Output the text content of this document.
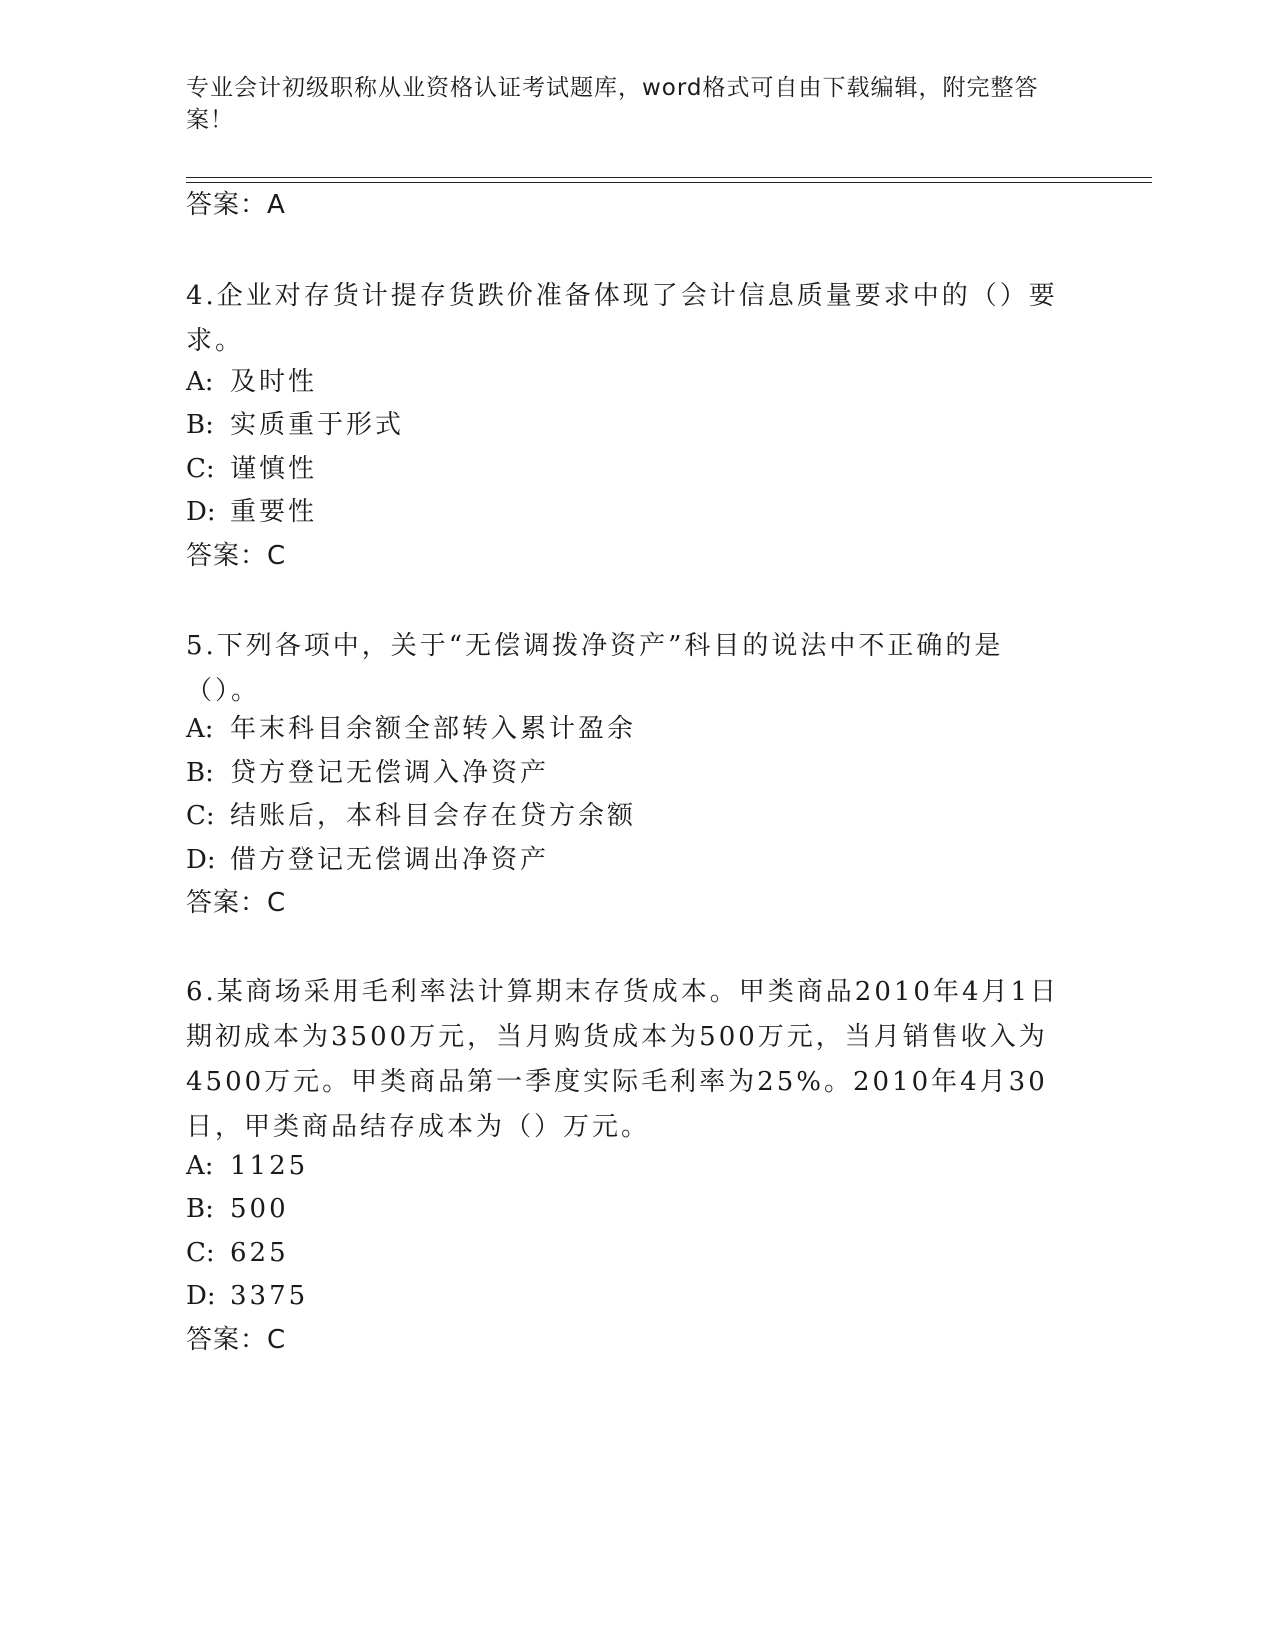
专业会计初级职称从业资格认证考试题库，word格式可自由下载编辑，附完整答案！
答案：A
4.企业对存货计提存货跌价准备体现了会计信息质量要求中的（）要求。
A: 及时性
B: 实质重于形式
C: 谨慎性
D: 重要性
答案：C
5.下列各项中，关于“无偿调拨净资产”科目的说法中不正确的是（）。
A: 年末科目余额全部转入累计盈余
B: 贷方登记无偿调入净资产
C: 结账后，本科目会存在贷方余额
D: 借方登记无偿调出净资产
答案：C
6.某商场采用毛利率法计算期末存货成本。甲类商品2010年4月1日期初成本为3500万元，当月购货成本为500万元，当月销售收入为4500万元。甲类商品第一季度实际毛利率为25%。2010年4月30日，甲类商品结存成本为（）万元。
A: 1125
B: 500
C: 625
D: 3375
答案：C
